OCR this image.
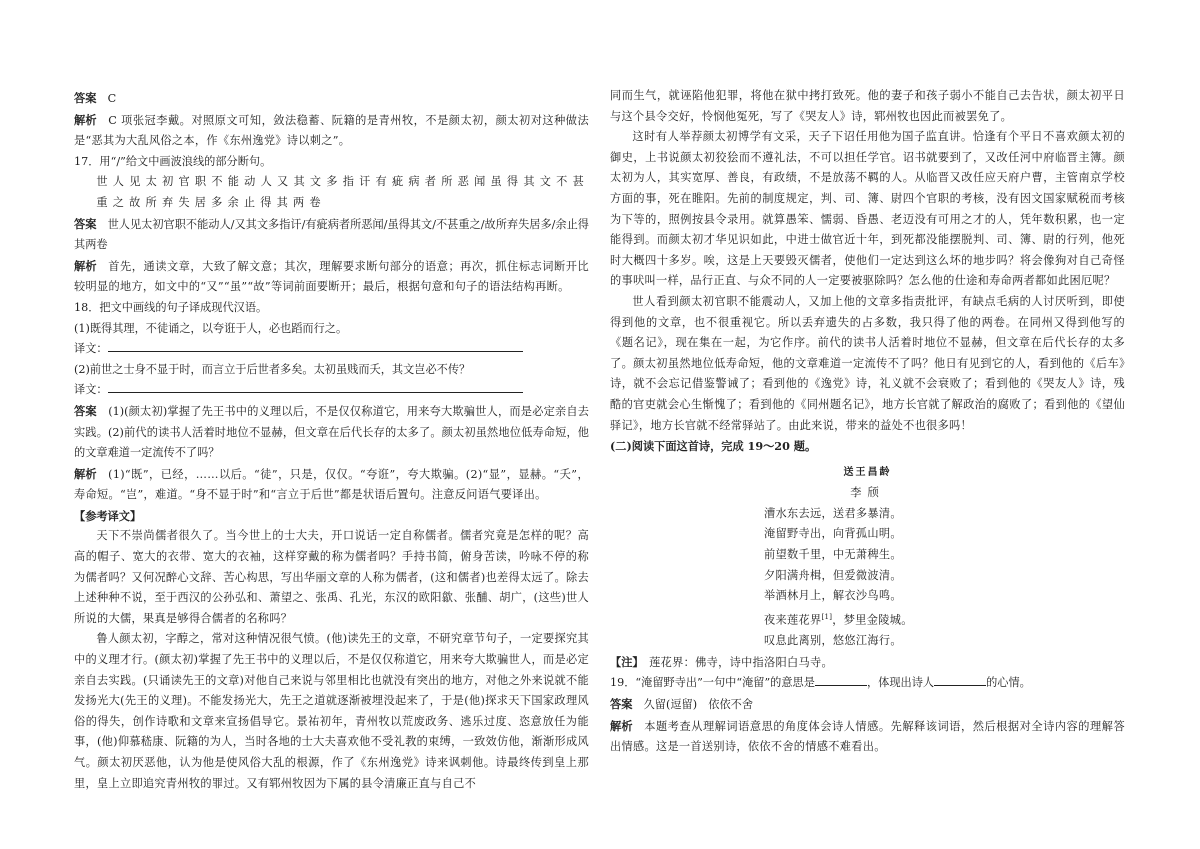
答案　 C

解析　 C 项张冠李戴。对照原文可知，敛法稳蓄、阮籍的是青州牧，不是颜太初，颜太初对这种做法是“恶其为大乱风俗之本，作《东州逸党》诗以刺之”。

17．用“/”给文中画波浪线的部分断句。

世人见太初官职不能动人又其文多指讦有疵病者所恶闻虽得其文不甚重之故所弃失居多余止得其两卷

答案　 世人见太初官职不能动人/又其文多指讦/有疵病者所恶闻/虽得其文/不甚重之/故所弃失居多/余止得其两卷

解析　 首先，通读文章，大致了解文意；其次，理解要求断句部分的语意；再次，抓住标志词断开比较明显的地方，如文中的“又”“虽”“故”等词前面要断开；最后，根据句意和句子的语法结构再断。

18．把文中画线的句子译成现代汉语。

(1)既得其理，不徒诵之，以夸诳于人，必也蹈而行之。

译文：

(2)前世之士身不显于时，而言立于后世者多矣。太初虽贱而夭，其文岂必不传？

译文：

答案　 (1)(颜太初)掌握了先王书中的义理以后，不是仅仅称道它，用来夸大欺骗世人，而是必定亲自去实践。(2)前代的读书人活着时地位不显赫，但文章在后代长存的太多了。颜太初虽然地位低寿命短，他的文章难道一定流传不了吗？

解析　 (1)“既”，已经，……以后。“徒”，只是，仅仅。“夸诳”，夸大欺骗。(2)“显”，显赫。“夭”，寿命短。“岂”，难道。“身不显于时”和“言立于后世”都是状语后置句。注意反问语气要译出。

【参考译文】

天下不崇尚儒者很久了。当今世上的士大夫，开口说话一定自称儒者。儒者究竟是怎样的呢？高高的帽子、宽大的衣带、宽大的衣袖，这样穿戴的称为儒者吗？手持书简，俯身苦读，吟咏不停的称为儒者吗？又何况醉心文辞、苦心构思，写出华丽文章的人称为儒者，(这和儒者)也差得太远了。除去上述种种不说，至于西汉的公孙弘和、萧望之、张禹、孔光，东汉的欧阳歙、张酺、胡广，(这些)世人所说的大儒，果真是够得合儒者的名称吗？

鲁人颜太初，字醇之，常对这种情况很气愤。(他)读先王的文章，不研究章节句子，一定要探究其中的义理才行。(颜太初)掌握了先王书中的义理以后，不是仅仅称道它，用来夸大欺骗世人，而是必定亲自去实践。(只诵读先王的文章)对他自己来说与邻里相比也就没有突出的地方，对他之外来说就不能发扬光大(先王的义理)。不能发扬光大，先王之道就逐渐被埋没起来了，于是(他)探求天下国家政理风俗的得失，创作诗歌和文章来宣扬倡导它。景祐初年，青州牧以荒废政务、逃乐过度、恣意放任为能事，(他)仰慕嵇康、阮籍的为人，当时各地的士大夫喜欢他不受礼教的束缚，一致效仿他，渐渐形成风气。颜太初厌恶他，认为他是使风俗大乱的根源，作了《东州逸党》诗来讽刺他。诗最终传到皇上那里，皇上立即追究青州牧的罪过。又有郓州牧因为下属的县令清廉正直与自己不

同而生气，就诬陷他犯罪，将他在狱中拷打致死。他的妻子和孩子弱小不能自己去告状，颜太初平日与这个县令交好，怜悯他冤死，写了《哭友人》诗，郓州牧也因此而被罢免了。

这时有人举荐颜太初博学有文采，天子下诏任用他为国子监直讲。恰逢有个平日不喜欢颜太初的御史，上书说颜太初狡狯而不遵礼法，不可以担任学官。诏书就要到了，又改任河中府临晋主簿。颜太初为人，其实宽厚、善良，有政绩，不是放荡不羁的人。从临晋又改任应天府户曹，主管南京学校方面的事，死在睢阳。先前的制度规定，判、司、簿、尉四个官职的考核，没有因文国家赋税而考核为下等的，照例按县令录用。就算愚笨、懦弱、昏愚、老迈没有可用之才的人，凭年数积累，也一定能得到。而颜太初才华见识如此，中进士做官近十年，到死都没能摆脱判、司、簿、尉的行列，他死时大概四十多岁。唉，这是上天要毁灭儒者，使他们一定达到这么坏的地步吗？将会像狗对自己奇怪的事吠叫一样，品行正直、与众不同的人一定要被驱除吗？怎么他的仕途和寿命两者都如此困厄呢？

世人看到颜太初官职不能震动人，又加上他的文章多指责批评，有缺点毛病的人讨厌听到，即使得到他的文章，也不很重视它。所以丢弃遗失的占多数，我只得了他的两卷。在同州又得到他写的《题名记》，现在集在一起，为它作序。前代的读书人活着时地位不显赫，但文章在后代长存的太多了。颜太初虽然地位低寿命短，他的文章难道一定流传不了吗？他日有见到它的人，看到他的《后车》诗，就不会忘记借鉴警诫了；看到他的《逸党》诗，礼义就不会衰败了；看到他的《哭友人》诗，残酷的官吏就会心生惭愧了；看到他的《同州题名记》，地方长官就了解政治的腐败了；看到他的《望仙驿记》，地方长官就不经常驿站了。由此来说，带来的益处不也很多吗！

(二)阅读下面这首诗，完成 19～20 题。

送王昌龄

李颀

漕水东去远，送君多暴清。

淹留野寺出，向背孤山明。

前望数千里，中无萧稗生。

夕阳满舟楫，但爱微波清。

举酒林月上，解衣沙鸟鸣。

夜来莲花界[1]，梦里金陵城。

叹息此离别，悠悠江海行。

【注】　 莲花界：佛寺，诗中指洛阳白马寺。

19．“淹留野寺出”一句中“淹留”的意思是	，体现出诗人	的心情。

答案　 久留(逗留)　依依不舍

解析　 本题考查从理解词语意思的角度体会诗人情感。先解释该词语，然后根据对全诗内容的理解答出情感。这是一首送别诗，依依不舍的情感不难看出。
